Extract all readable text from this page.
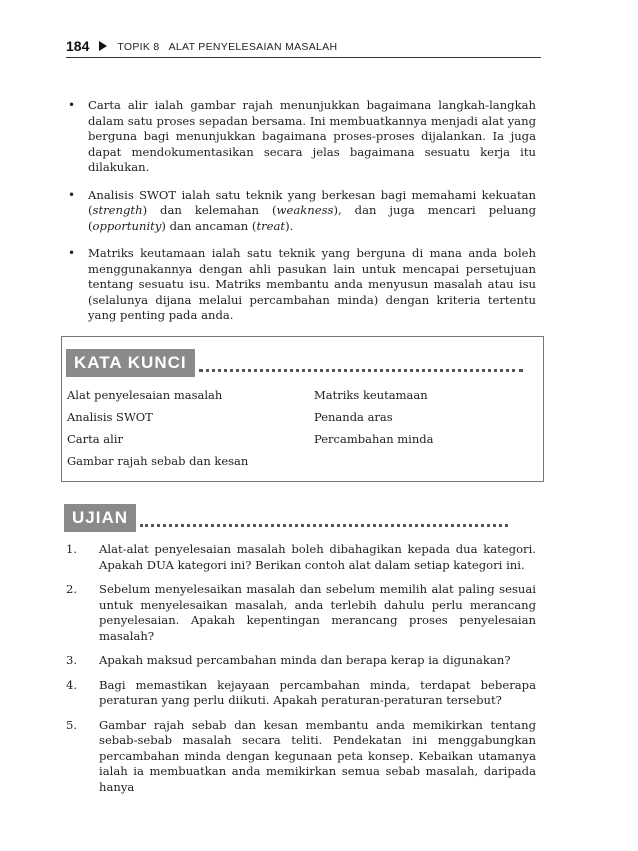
184	TOPIK 8   ALAT PENYELESAIAN MASALAH
• Carta alir ialah gambar rajah menunjukkan bagaimana langkah-langkah dalam satu proses sepadan bersama. Ini membuatkannya menjadi alat yang berguna bagi menunjukkan bagaimana proses-proses dijalankan. Ia juga dapat mendokumentasikan secara jelas bagaimana sesuatu kerja itu dilakukan.
• Analisis SWOT ialah satu teknik yang berkesan bagi memahami kekuatan (strength) dan kelemahan (weakness), dan juga mencari peluang (opportunity) dan ancaman (treat).
• Matriks keutamaan ialah satu teknik yang berguna di mana anda boleh menggunakannya dengan ahli pasukan lain untuk mencapai persetujuan tentang sesuatu isu. Matriks membantu anda menyusun masalah atau isu (selalunya dijana melalui percambahan minda) dengan kriteria tertentu yang penting pada anda.
KATA KUNCI
Alat penyelesaian masalah	Matriks keutamaan
Analisis SWOT	Penanda aras
Carta alir	Percambahan minda
Gambar rajah sebab dan kesan
UJIAN
1. Alat-alat penyelesaian masalah boleh dibahagikan kepada dua kategori. Apakah DUA kategori ini? Berikan contoh alat dalam setiap kategori ini.
2. Sebelum menyelesaikan masalah dan sebelum memilih alat paling sesuai untuk menyelesaikan masalah, anda terlebih dahulu perlu merancang penyelesaian. Apakah kepentingan merancang proses penyelesaian masalah?
3. Apakah maksud percambahan minda dan berapa kerap ia digunakan?
4. Bagi memastikan kejayaan percambahan minda, terdapat beberapa peraturan yang perlu diikuti. Apakah peraturan-peraturan tersebut?
5. Gambar rajah sebab dan kesan membantu anda memikirkan tentang sebab-sebab masalah secara teliti. Pendekatan ini menggabungkan percambahan minda dengan kegunaan peta konsep. Kebaikan utamanya ialah ia membuatkan anda memikirkan semua sebab masalah, daripada hanya
